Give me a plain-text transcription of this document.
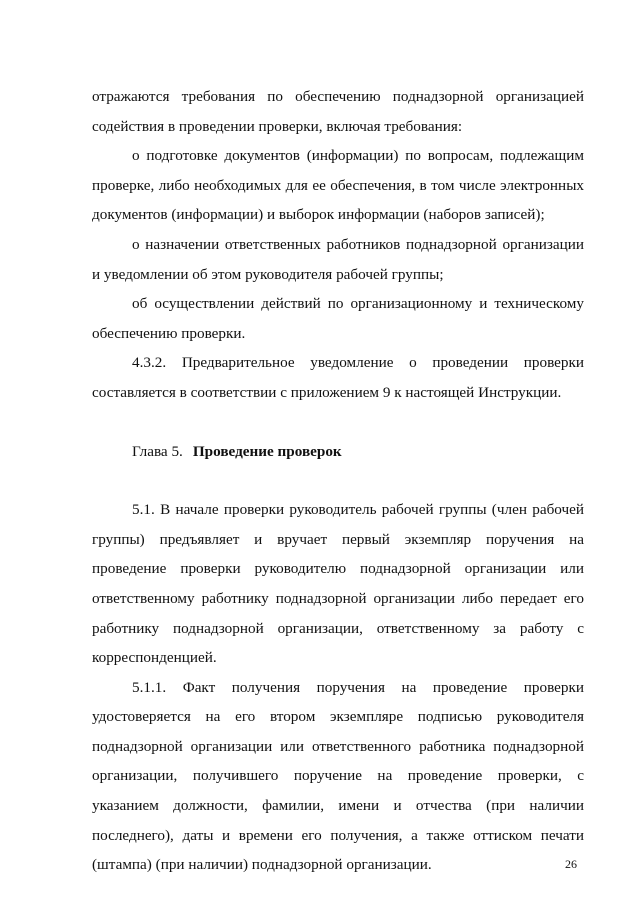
отражаются требования по обеспечению поднадзорной организацией содействия в проведении проверки, включая требования:

о подготовке документов (информации) по вопросам, подлежащим проверке, либо необходимых для ее обеспечения, в том числе электронных документов (информации) и выборок информации (наборов записей);

о назначении ответственных работников поднадзорной организации и уведомлении об этом руководителя рабочей группы;

об осуществлении действий по организационному и техническому обеспечению проверки.

4.3.2. Предварительное уведомление о проведении проверки составляется в соответствии с приложением 9 к настоящей Инструкции.

Глава 5. Проведение проверок

5.1. В начале проверки руководитель рабочей группы (член рабочей группы) предъявляет и вручает первый экземпляр поручения на проведение проверки руководителю поднадзорной организации или ответственному работнику поднадзорной организации либо передает его работнику поднадзорной организации, ответственному за работу с корреспонденцией.

5.1.1. Факт получения поручения на проведение проверки удостоверяется на его втором экземпляре подписью руководителя поднадзорной организации или ответственного работника поднадзорной организации, получившего поручение на проведение проверки, с указанием должности, фамилии, имени и отчества (при наличии последнего), даты и времени его получения, а также оттиском печати (штампа) (при наличии) поднадзорной организации.	26
